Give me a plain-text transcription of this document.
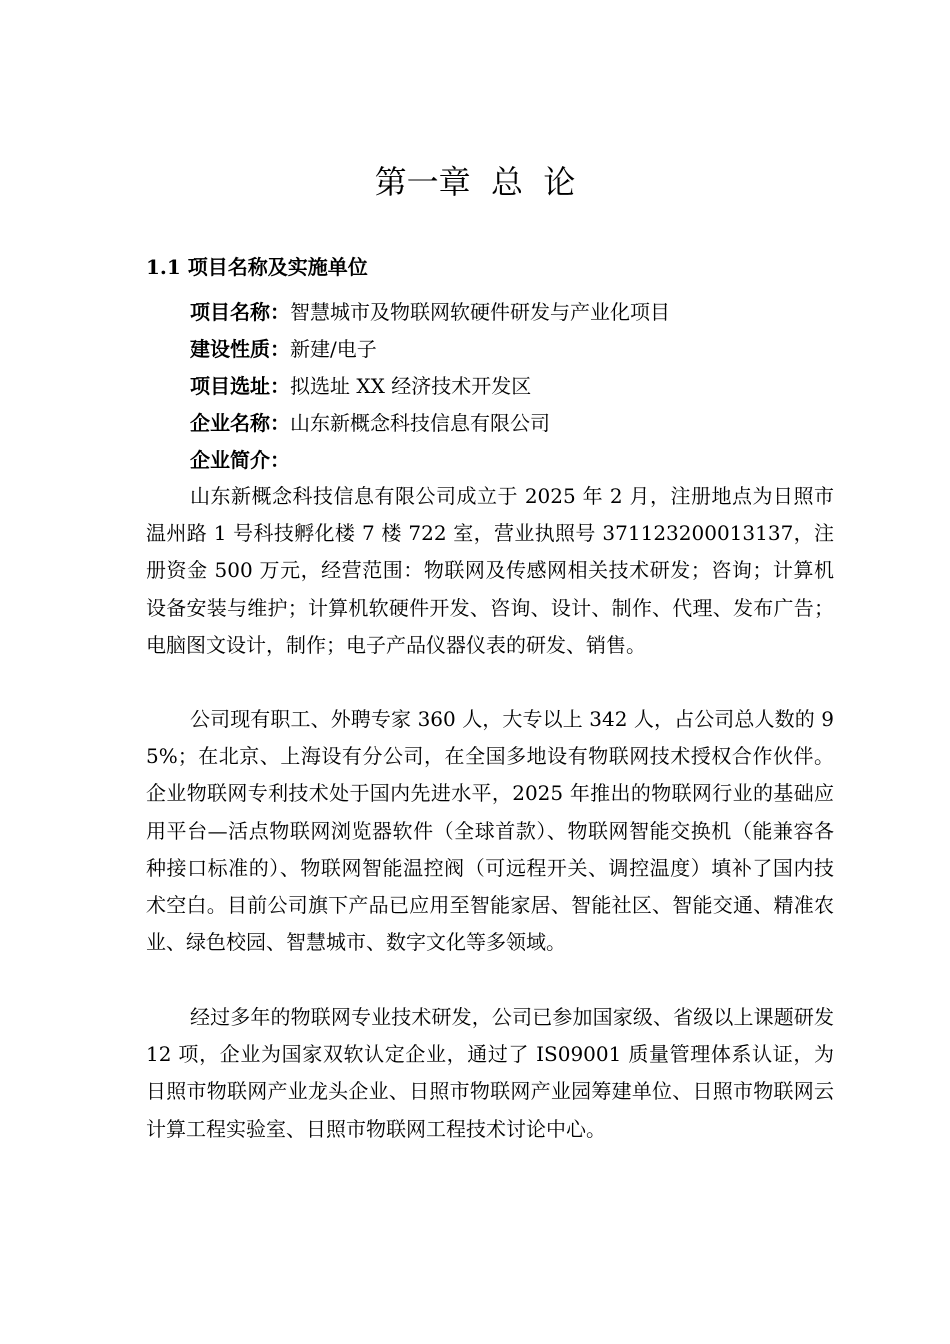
第一章  总  论
1.1 项目名称及实施单位

项目名称：智慧城市及物联网软硬件研发与产业化项目

建设性质：新建/电子

项目选址：拟选址 XX 经济技术开发区

企业名称：山东新概念科技信息有限公司

企业简介：

山东新概念科技信息有限公司成立于 2025 年 2 月，注册地点为日照市温州路 1 号科技孵化楼 7 楼 722 室，营业执照号 371123200013137，注册资金 500 万元，经营范围：物联网及传感网相关技术研发；咨询；计算机设备安装与维护；计算机软硬件开发、咨询、设计、制作、代理、发布广告；电脑图文设计，制作；电子产品仪器仪表的研发、销售。

公司现有职工、外聘专家 360 人，大专以上 342 人，占公司总人数的 95%；在北京、上海设有分公司，在全国多地设有物联网技术授权合作伙伴。企业物联网专利技术处于国内先进水平，2025 年推出的物联网行业的基础应用平台—活点物联网浏览器软件（全球首款）、物联网智能交换机（能兼容各种接口标准的）、物联网智能温控阀（可远程开关、调控温度）填补了国内技术空白。目前公司旗下产品已应用至智能家居、智能社区、智能交通、精准农业、绿色校园、智慧城市、数字文化等多领域。

经过多年的物联网专业技术研发，公司已参加国家级、省级以上课题研发 12 项，企业为国家双软认定企业，通过了 IS09001 质量管理体系认证，为日照市物联网产业龙头企业、日照市物联网产业园筹建单位、日照市物联网云计算工程实验室、日照市物联网工程技术讨论中心。
